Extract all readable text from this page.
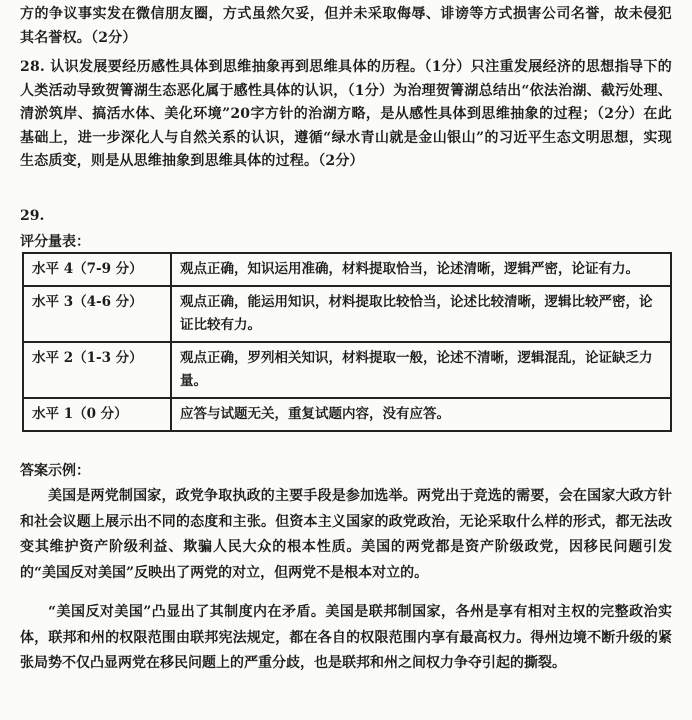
方的争议事实发在微信朋友圈，方式虽然欠妥，但并未采取侮辱、诽谤等方式损害公司名誉，故未侵犯其名誉权。（2分）

28. 认识发展要经历感性具体到思维抽象再到思维具体的历程。（1分）只注重发展经济的思想指导下的人类活动导致贺箐湖生态恶化属于感性具体的认识，（1分）为治理贺箐湖总结出“依法治湖、截污处理、清淤筑岸、搞活水体、美化环境”20字方针的治湖方略，是从感性具体到思维抽象的过程；（2分）在此基础上，进一步深化人与自然关系的认识，遵循“绿水青山就是金山银山”的习近平生态文明思想，实现生态质变，则是从思维抽象到思维具体的过程。（2分）

29.

评分量表：

水平 4（7-9 分）	观点正确，知识运用准确，材料提取恰当，论述清晰，逻辑严密，论证有力。
水平 3（4-6 分）	观点正确，能运用知识，材料提取比较恰当，论述比较清晰，逻辑比较严密，论证比较有力。
水平 2（1-3 分）	观点正确，罗列相关知识，材料提取一般，论述不清晰，逻辑混乱，论证缺乏力量。
水平 1（0 分）	应答与试题无关，重复试题内容，没有应答。

答案示例：

美国是两党制国家，政党争取执政的主要手段是参加选举。两党出于竞选的需要，会在国家大政方针和社会议题上展示出不同的态度和主张。但资本主义国家的政党政治，无论采取什么样的形式，都无法改变其维护资产阶级利益、欺骗人民大众的根本性质。美国的两党都是资产阶级政党，因移民问题引发的“美国反对美国”反映出了两党的对立，但两党不是根本对立的。

“美国反对美国”凸显出了其制度内在矛盾。美国是联邦制国家，各州是享有相对主权的完整政治实体，联邦和州的权限范围由联邦宪法规定，都在各自的权限范围内享有最高权力。得州边境不断升级的紧张局势不仅凸显两党在移民问题上的严重分歧，也是联邦和州之间权力争夺引起的撕裂。
